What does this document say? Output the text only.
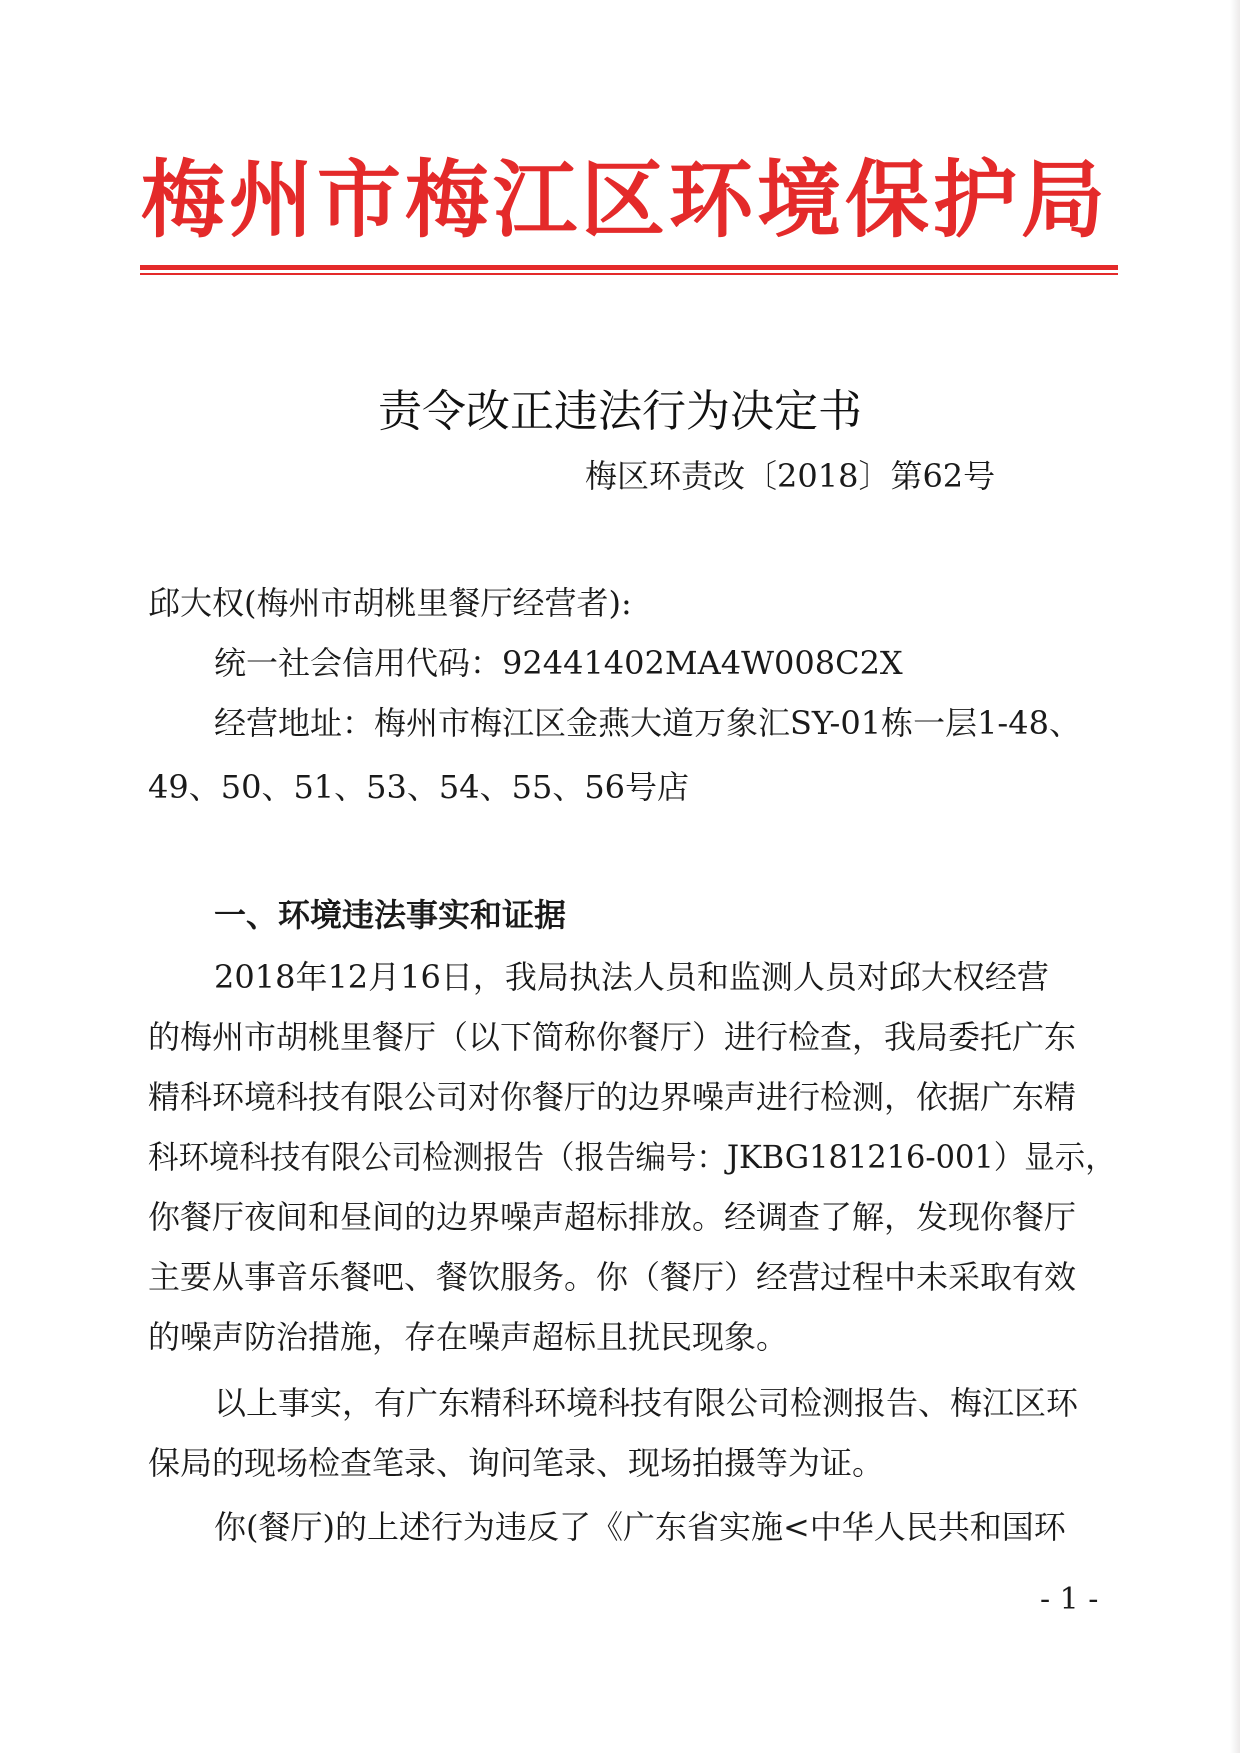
梅州市梅江区环境保护局
责令改正违法行为决定书
梅区环责改〔2018〕第62号
邱大权(梅州市胡桃里餐厅经营者):
统一社会信用代码：92441402MA4W008C2X
经营地址：梅州市梅江区金燕大道万象汇SY-01栋一层1-48、
49、50、51、53、54、55、56号店
一、环境违法事实和证据
2018年12月16日，我局执法人员和监测人员对邱大权经营
的梅州市胡桃里餐厅（以下简称你餐厅）进行检查，我局委托广东
精科环境科技有限公司对你餐厅的边界噪声进行检测，依据广东精
科环境科技有限公司检测报告（报告编号：JKBG181216-001）显示，
你餐厅夜间和昼间的边界噪声超标排放。经调查了解，发现你餐厅
主要从事音乐餐吧、餐饮服务。你（餐厅）经营过程中未采取有效
的噪声防治措施，存在噪声超标且扰民现象。
以上事实，有广东精科环境科技有限公司检测报告、梅江区环
保局的现场检查笔录、询问笔录、现场拍摄等为证。
你(餐厅)的上述行为违反了《广东省实施<中华人民共和国环
- 1 -
